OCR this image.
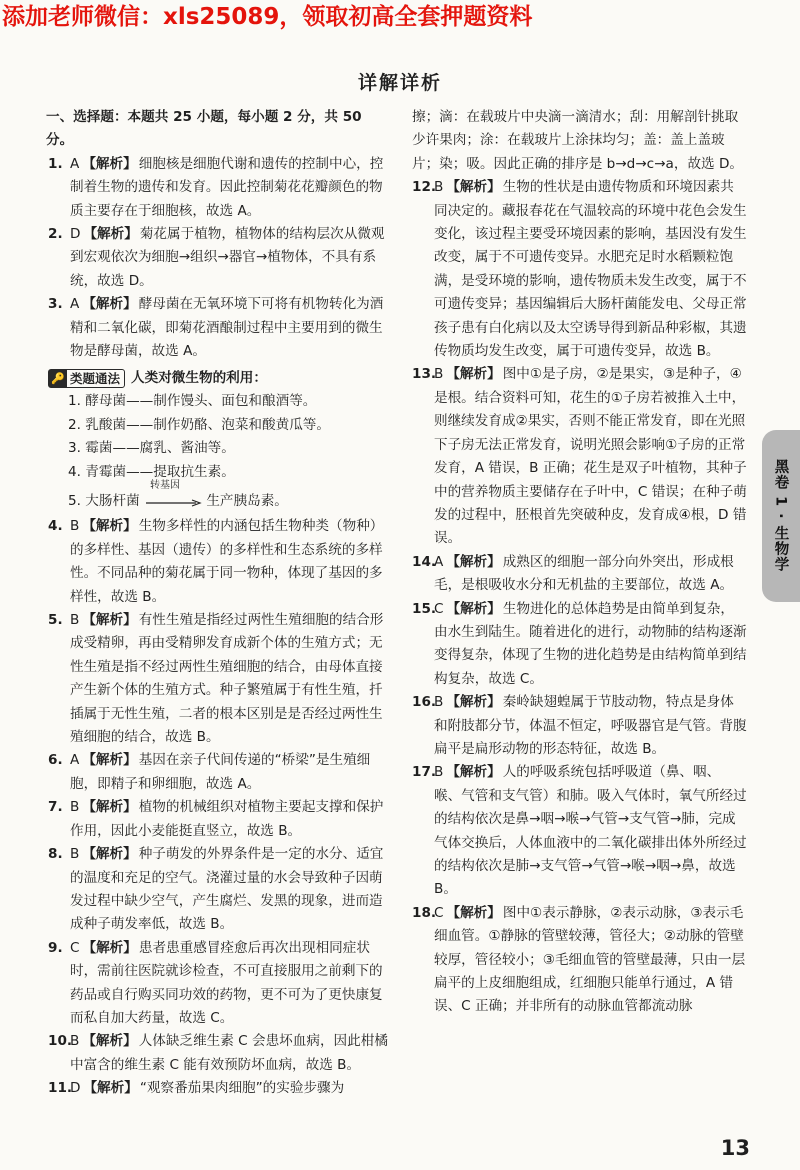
添加老师微信：xls25089，领取初高全套押题资料
详解详析
一、选择题：本题共 25 小题，每小题 2 分，共 50 分。

1. A 【解析】 细胞核是细胞代谢和遗传的控制中心，控制着生物的遗传和发育。因此控制菊花花瓣颜色的物质主要存在于细胞核，故选 A。

2. D 【解析】 菊花属于植物，植物体的结构层次从微观到宏观依次为细胞→组织→器官→植物体，不具有系统，故选 D。

3. A 【解析】 酵母菌在无氧环境下可将有机物转化为酒精和二氧化碳，即菊花酒酿制过程中主要用到的微生物是酵母菌，故选 A。

🔑 类题通法 人类对微生物的利用：
1. 酵母菌——制作馒头、面包和酿酒等。
2. 乳酸菌——制作奶酪、泡菜和酸黄瓜等。
3. 霉菌——腐乳、酱油等。
4. 青霉菌——提取抗生素。
5. 大肠杆菌
转基因
生产胰岛素。

4. B 【解析】 生物多样性的内涵包括生物种类（物种）的多样性、基因（遗传）的多样性和生态系统的多样性。不同品种的菊花属于同一物种，体现了基因的多样性，故选 B。

5. B 【解析】 有性生殖是指经过两性生殖细胞的结合形成受精卵，再由受精卵发育成新个体的生殖方式；无性生殖是指不经过两性生殖细胞的结合，由母体直接产生新个体的生殖方式。种子繁殖属于有性生殖，扦插属于无性生殖，二者的根本区别是是否经过两性生殖细胞的结合，故选 B。

6. A 【解析】 基因在亲子代间传递的“桥梁”是生殖细胞，即精子和卵细胞，故选 A。

7. B 【解析】 植物的机械组织对植物主要起支撑和保护作用，因此小麦能挺直竖立，故选 B。

8. B 【解析】 种子萌发的外界条件是一定的水分、适宜的温度和充足的空气。浇灌过量的水会导致种子因萌发过程中缺少空气，产生腐烂、发黑的现象，进而造成种子萌发率低，故选 B。

9. C 【解析】 患者患重感冒痊愈后再次出现相同症状时，需前往医院就诊检查，不可直接服用之前剩下的药品或自行购买同功效的药物，更不可为了更快康复而私自加大药量，故选 C。

10.
B 【解析】 人体缺乏维生素 C 会患坏血病，因此柑橘中富含的维生素 C 能有效预防坏血病，故选 B。

11.
D 【解析】 “观察番茄果肉细胞”的实验步骤为

擦；滴：在载玻片中央滴一滴清水；刮：用解剖针挑取少许果肉；涂：在载玻片上涂抹均匀；盖：盖上盖玻片；染；吸。因此正确的排序是 b→d→c→a，故选 D。

12.
B 【解析】 生物的性状是由遗传物质和环境因素共同决定的。藏报春花在气温较高的环境中花色会发生变化，该过程主要受环境因素的影响，基因没有发生改变，属于不可遗传变异。水肥充足时水稻颗粒饱满，是受环境的影响，遗传物质未发生改变，属于不可遗传变异；基因编辑后大肠杆菌能发电、父母正常孩子患有白化病以及太空诱导得到新品种彩椒，其遗传物质均发生改变，属于可遗传变异，故选 B。

13.
B 【解析】 图中①是子房，②是果实，③是种子，④是根。结合资料可知，花生的①子房若被推入土中，则继续发育成②果实，否则不能正常发育，即在光照下子房无法正常发育，说明光照会影响①子房的正常发育，A 错误，B 正确；花生是双子叶植物，其种子中的营养物质主要储存在子叶中，C 错误；在种子萌发的过程中，胚根首先突破种皮，发育成④根，D 错误。

14.
A 【解析】 成熟区的细胞一部分向外突出，形成根毛，是根吸收水分和无机盐的主要部位，故选 A。

15.
C 【解析】 生物进化的总体趋势是由简单到复杂，由水生到陆生。随着进化的进行，动物肺的结构逐渐变得复杂，体现了生物的进化趋势是由结构简单到结构复杂，故选 C。

16.
B 【解析】 秦岭缺翅蝗属于节肢动物，特点是身体和附肢都分节，体温不恒定，呼吸器官是气管。背腹扁平是扁形动物的形态特征，故选 B。

17.
B 【解析】 人的呼吸系统包括呼吸道（鼻、咽、喉、气管和支气管）和肺。吸入气体时，氧气所经过的结构依次是鼻→咽→喉→气管→支气管→肺，完成气体交换后，人体血液中的二氧化碳排出体外所经过的结构依次是肺→支气管→气管→喉→咽→鼻，故选 B。

18.
C 【解析】 图中①表示静脉，②表示动脉，③表示毛细血管。①静脉的管壁较薄，管径大；②动脉的管壁较厚，管径较小；③毛细血管的管壁最薄，只由一层扁平的上皮细胞组成，红细胞只能单行通过，A 错误、C 正确；并非所有的动脉血管都流动脉

黑卷 1 · 生物学
13
